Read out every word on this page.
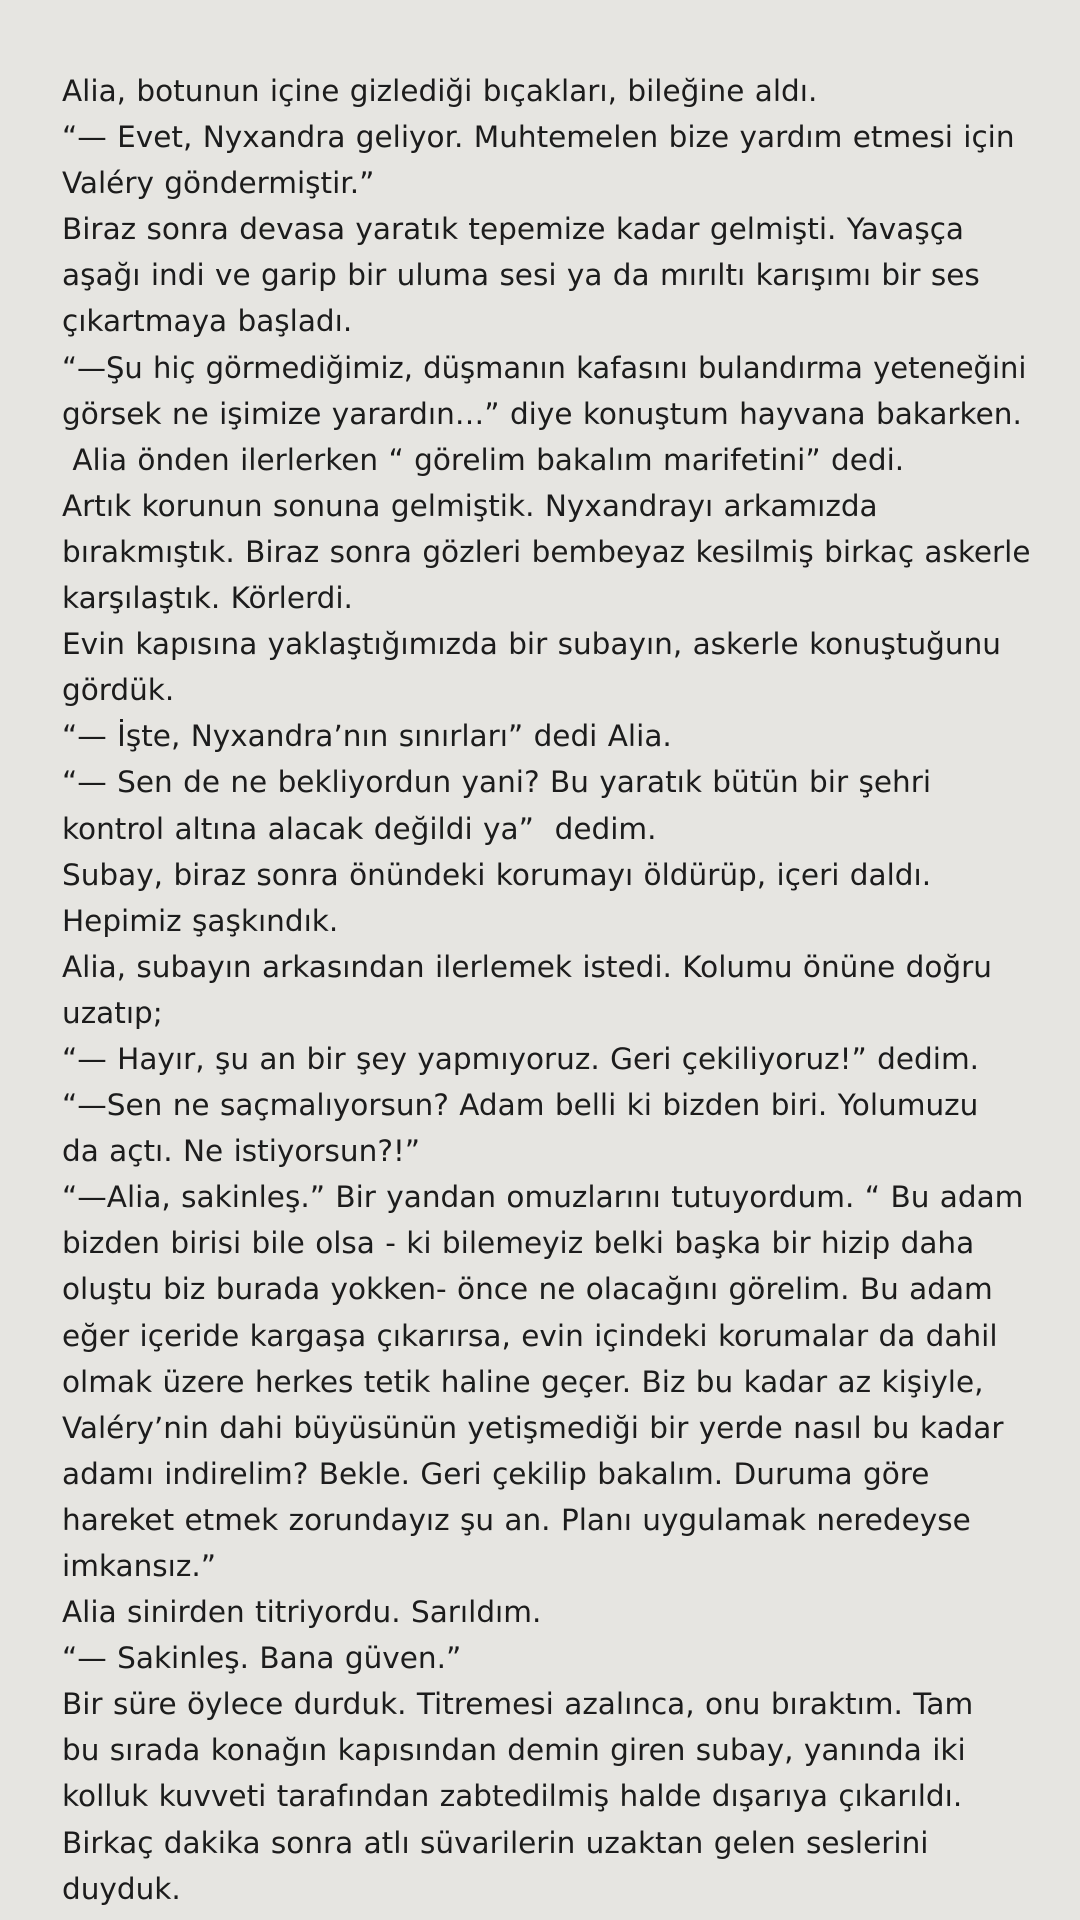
Alia, botunun içine gizlediği bıçakları, bileğine aldı.
“— Evet, Nyxandra geliyor. Muhtemelen bize yardım etmesi için
Valéry göndermiştir.”
Biraz sonra devasa yaratık tepemize kadar gelmişti. Yavaşça
aşağı indi ve garip bir uluma sesi ya da mırıltı karışımı bir ses
çıkartmaya başladı.
“—Şu hiç görmediğimiz, düşmanın kafasını bulandırma yeteneğini
görsek ne işimize yarardın…” diye konuştum hayvana bakarken.
Alia önden ilerlerken “ görelim bakalım marifetini” dedi.
Artık korunun sonuna gelmiştik. Nyxandrayı arkamızda
bırakmıştık. Biraz sonra gözleri bembeyaz kesilmiş birkaç askerle
karşılaştık. Körlerdi.
Evin kapısına yaklaştığımızda bir subayın, askerle konuştuğunu
gördük.
“— İşte, Nyxandra’nın sınırları” dedi Alia.
“— Sen de ne bekliyordun yani? Bu yaratık bütün bir şehri
kontrol altına alacak değildi ya”  dedim.
Subay, biraz sonra önündeki korumayı öldürüp, içeri daldı.
Hepimiz şaşkındık.
Alia, subayın arkasından ilerlemek istedi. Kolumu önüne doğru
uzatıp;
“— Hayır, şu an bir şey yapmıyoruz. Geri çekiliyoruz!” dedim.
“—Sen ne saçmalıyorsun? Adam belli ki bizden biri. Yolumuzu
da açtı. Ne istiyorsun?!”
“—Alia, sakinleş.” Bir yandan omuzlarını tutuyordum. “ Bu adam
bizden birisi bile olsa - ki bilemeyiz belki başka bir hizip daha
oluştu biz burada yokken- önce ne olacağını görelim. Bu adam
eğer içeride kargaşa çıkarırsa, evin içindeki korumalar da dahil
olmak üzere herkes tetik haline geçer. Biz bu kadar az kişiyle,
Valéry’nin dahi büyüsünün yetişmediği bir yerde nasıl bu kadar
adamı indirelim? Bekle. Geri çekilip bakalım. Duruma göre
hareket etmek zorundayız şu an. Planı uygulamak neredeyse
imkansız.”
Alia sinirden titriyordu. Sarıldım.
“— Sakinleş. Bana güven.”
Bir süre öylece durduk. Titremesi azalınca, onu bıraktım. Tam
bu sırada konağın kapısından demin giren subay, yanında iki
kolluk kuvveti tarafından zabtedilmiş halde dışarıya çıkarıldı.
Birkaç dakika sonra atlı süvarilerin uzaktan gelen seslerini
duyduk.
